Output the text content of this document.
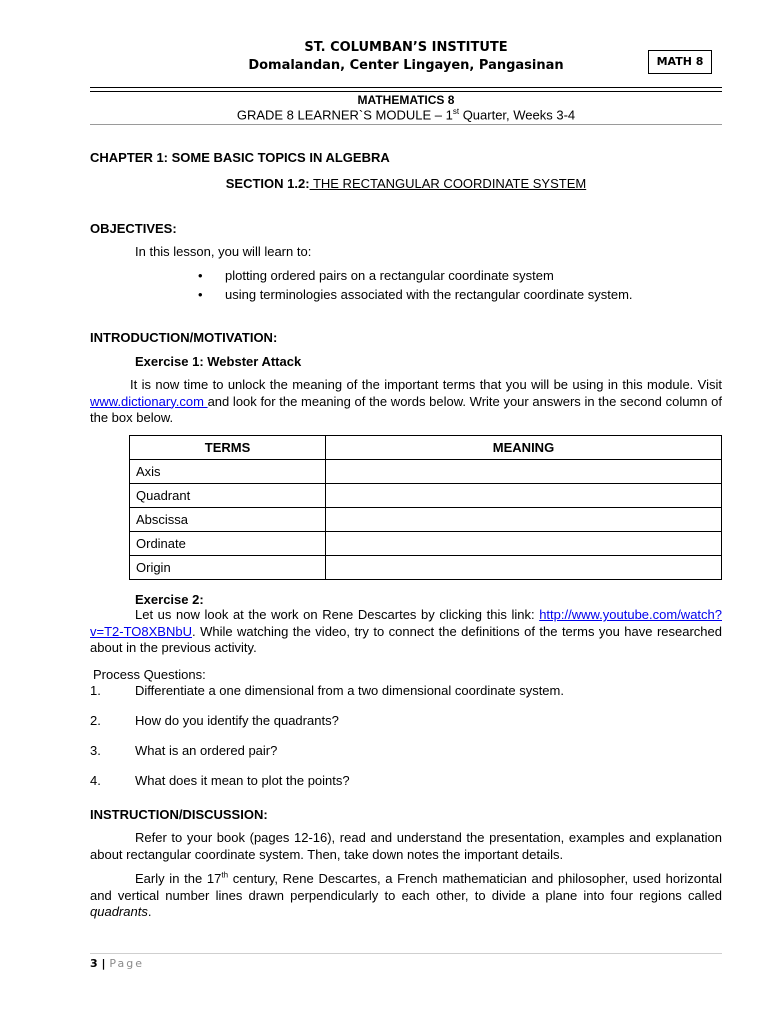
ST. COLUMBAN’S INSTITUTE
Domalandan, Center Lingayen, Pangasinan	MATH 8
MATHEMATICS 8
GRADE 8 LEARNER`S MODULE – 1st Quarter, Weeks 3-4
CHAPTER 1: SOME BASIC TOPICS IN ALGEBRA
SECTION 1.2: THE RECTANGULAR COORDINATE SYSTEM
OBJECTIVES:
In this lesson, you will learn to:
• plotting ordered pairs on a rectangular coordinate system
• using terminologies associated with the rectangular coordinate system.
INTRODUCTION/MOTIVATION:
Exercise 1: Webster Attack
It is now time to unlock the meaning of the important terms that you will be using in this module. Visit www.dictionary.com and look for the meaning of the words below. Write your answers in the second column of the box below.
TERMS	MEANING
Axis	
Quadrant	
Abscissa	
Ordinate	
Origin	
Exercise 2:
Let us now look at the work on Rene Descartes by clicking this link: http://www.youtube.com/watch?v=T2-TO8XBNbU. While watching the video, try to connect the definitions of the terms you have researched about in the previous activity.
Process Questions:
1.	Differentiate a one dimensional from a two dimensional coordinate system.
2.	How do you identify the quadrants?
3.	What is an ordered pair?
4.	What does it mean to plot the points?
INSTRUCTION/DISCUSSION:
Refer to your book (pages 12-16), read and understand the presentation, examples and explanation about rectangular coordinate system. Then, take down notes the important details.
Early in the 17th century, Rene Descartes, a French mathematician and philosopher, used horizontal and vertical number lines drawn perpendicularly to each other, to divide a plane into four regions called quadrants.
3 | Page
